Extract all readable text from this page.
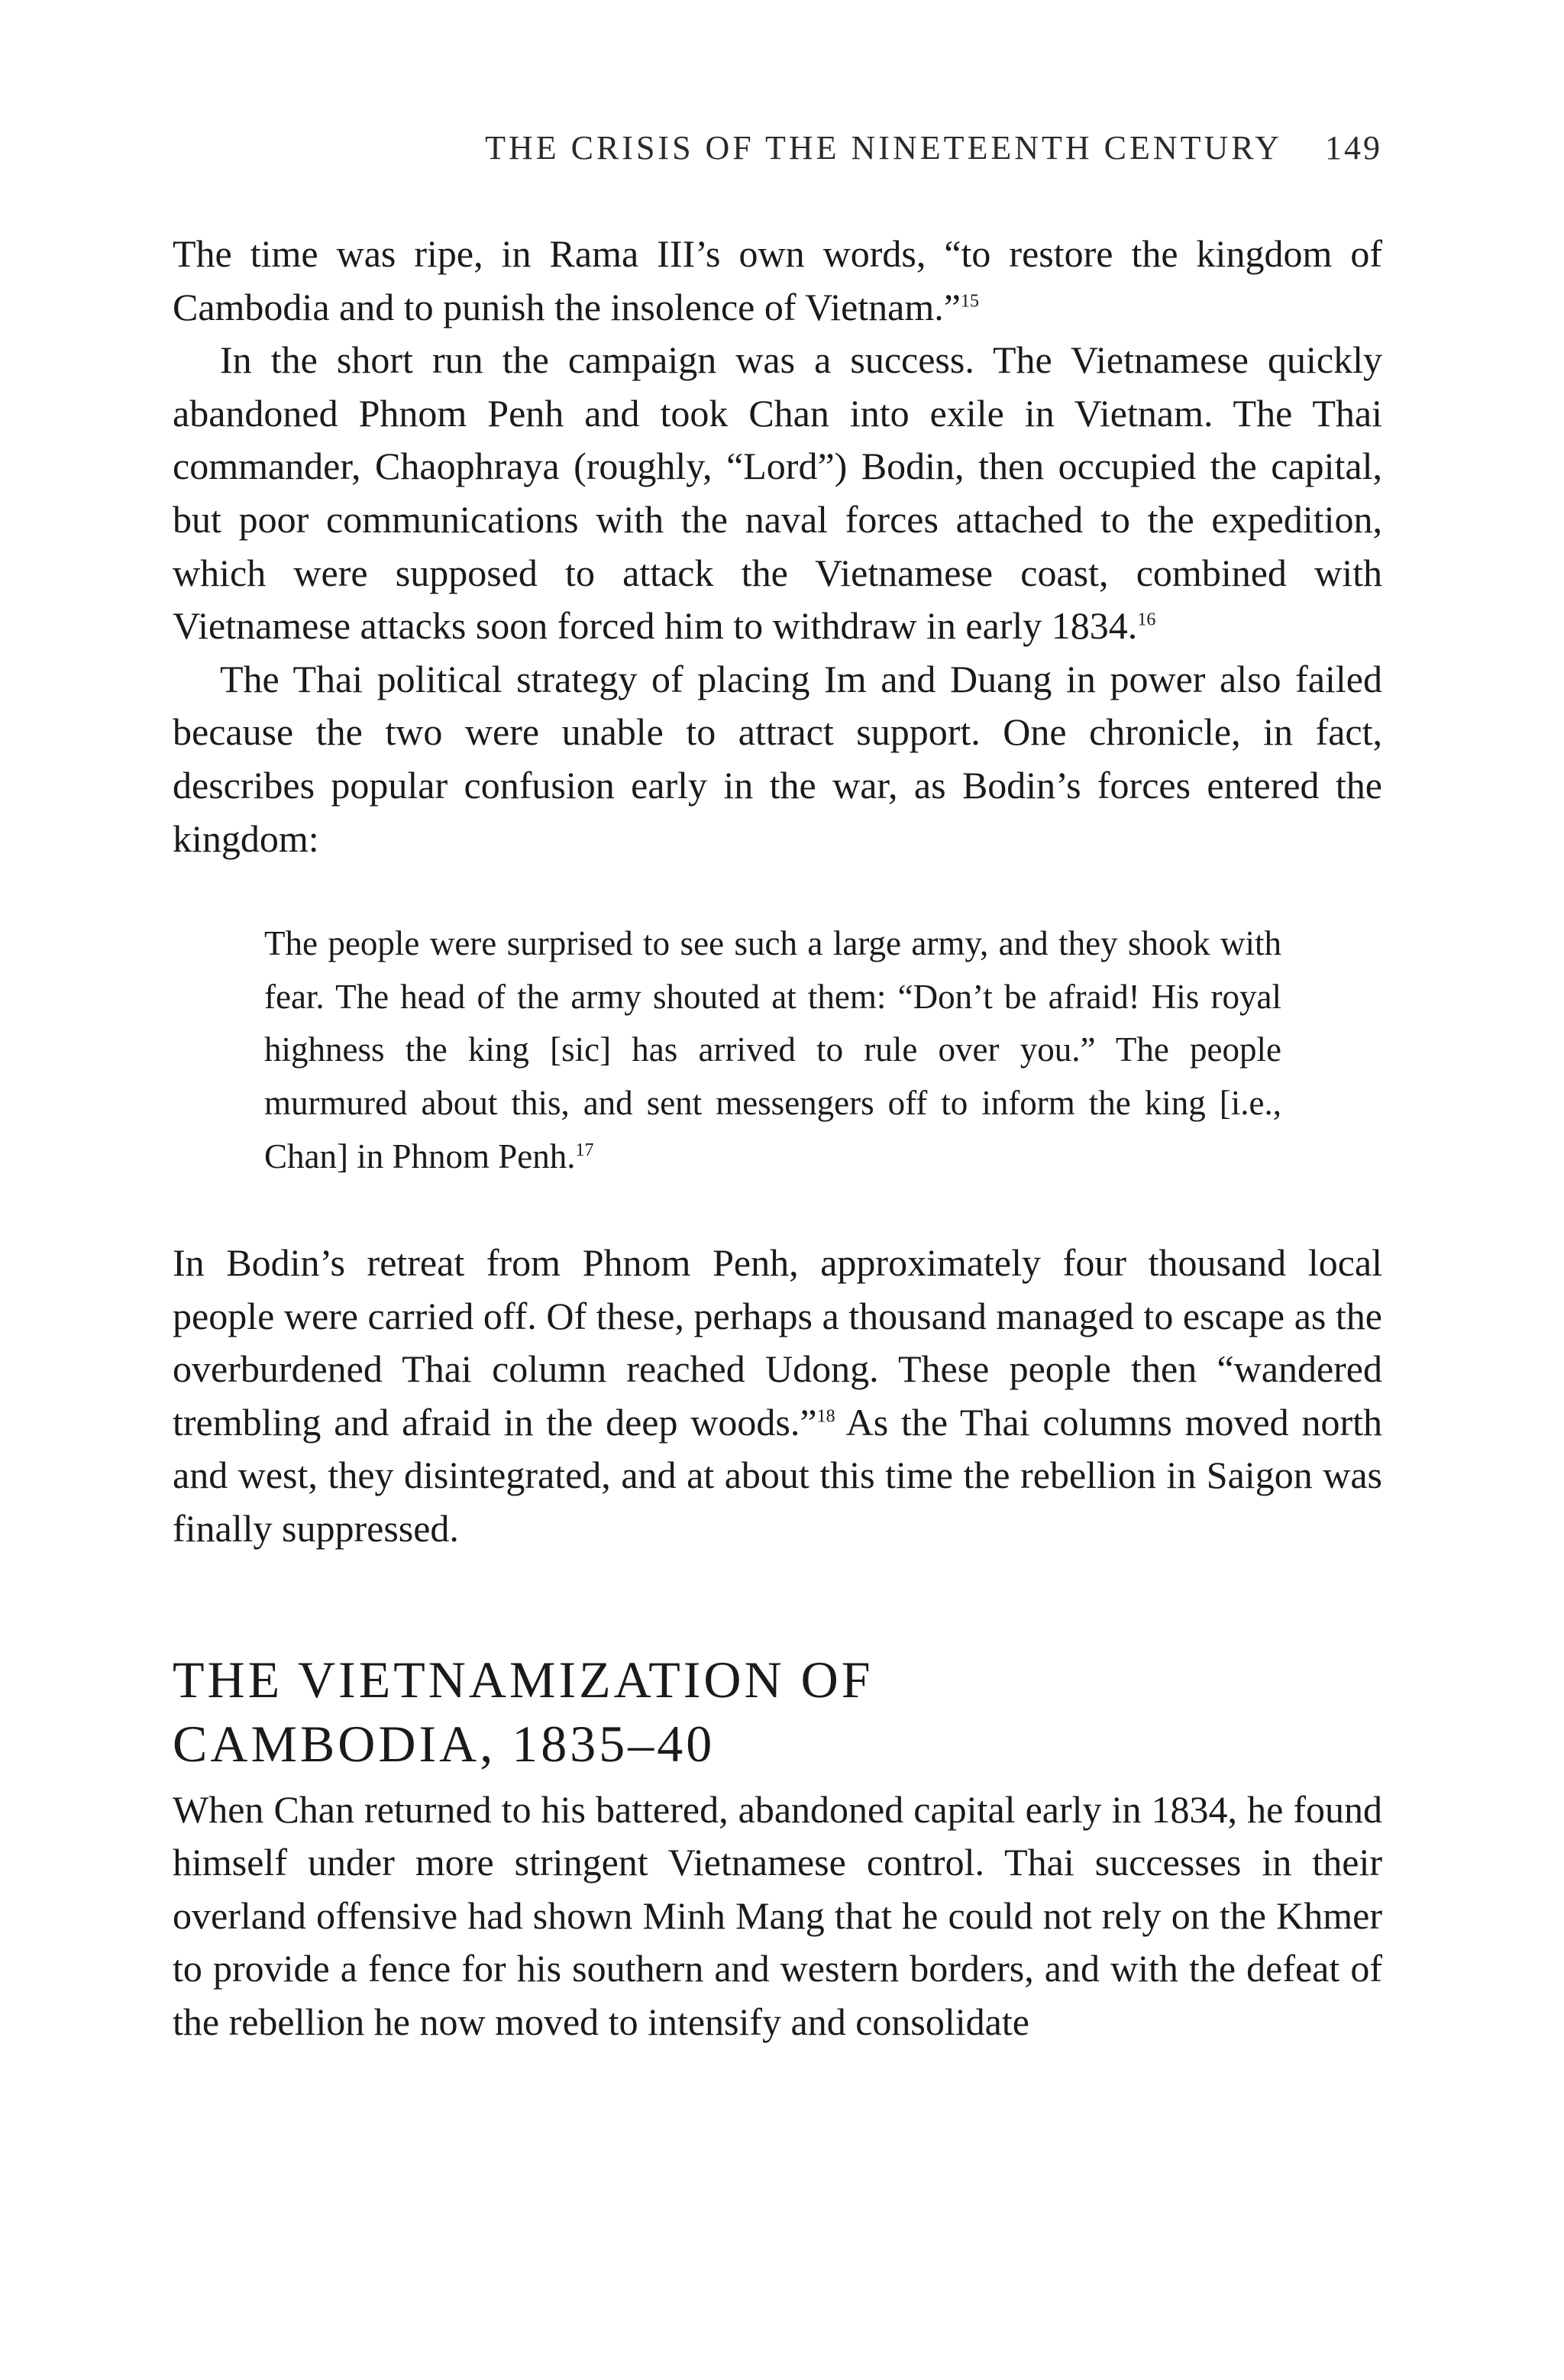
THE CRISIS OF THE NINETEENTH CENTURY 149

The time was ripe, in Rama III’s own words, “to restore the kingdom of Cambodia and to punish the insolence of Vietnam.”$^{15}$

In the short run the campaign was a success. The Vietnamese quickly abandoned Phnom Penh and took Chan into exile in Vietnam. The Thai commander, Chaophraya (roughly, “Lord”) Bodin, then occupied the capital, but poor communications with the naval forces attached to the expedition, which were supposed to attack the Vietnamese coast, combined with Vietnamese attacks soon forced him to withdraw in early 1834.16

The Thai political strategy of placing Im and Duang in power also failed because the two were unable to attract support. One chronicle, in fact, describes popular confusion early in the war, as Bodin’s forces entered the kingdom:

The people were surprised to see such a large army, and they shook with fear. The head of the army shouted at them: “Don’t be afraid! His royal highness the king [sic] has arrived to rule over you.” The people murmured about this, and sent messengers off to inform the king [i.e., Chan] in Phnom Penh.$^{17}$

In Bodin’s retreat from Phnom Penh, approximately four thousand local people were carried off. Of these, perhaps a thousand managed to escape as the overburdened Thai column reached Udong. These people then “wandered trembling and afraid in the deep woods.”$^{18}$ As the Thai columns moved north and west, they disintegrated, and at about this time the rebellion in Saigon was finally suppressed.

THE VIETNAMIZATION OF
CAMBODIA, 1835–40

When Chan returned to his battered, abandoned capital early in 1834, he found himself under more stringent Vietnamese control. Thai successes in their overland offensive had shown Minh Mang that he could not rely on the Khmer to provide a fence for his southern and western borders, and with the defeat of the rebellion he now moved to intensify and consolidate
